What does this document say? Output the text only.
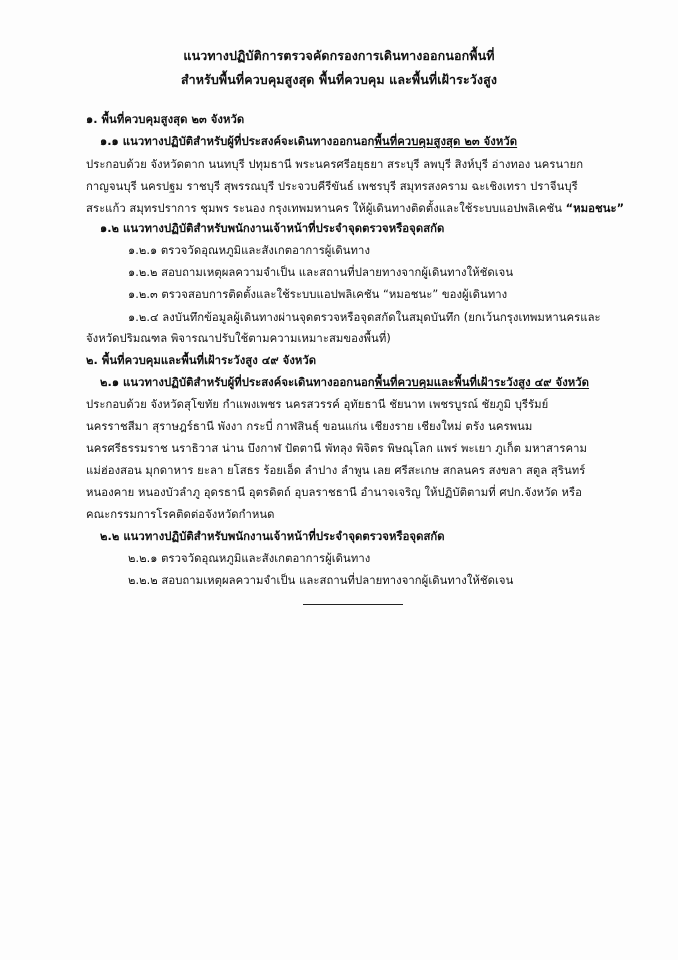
แนวทางปฏิบัติการตรวจคัดกรองการเดินทางออกนอกพื้นที่
สำหรับพื้นที่ควบคุมสูงสุด พื้นที่ควบคุม และพื้นที่เฝ้าระวังสูง
๑. พื้นที่ควบคุมสูงสุด ๒๓ จังหวัด
๑.๑ แนวทางปฏิบัติสำหรับผู้ที่ประสงค์จะเดินทางออกนอกพื้นที่ควบคุมสูงสุด ๒๓ จังหวัด
ประกอบด้วย จังหวัดตาก นนทบุรี ปทุมธานี พระนครศรีอยุธยา สระบุรี ลพบุรี สิงห์บุรี อ่างทอง นครนายก
กาญจนบุรี นครปฐม ราชบุรี สุพรรณบุรี ประจวบคีรีขันธ์ เพชรบุรี สมุทรสงคราม ฉะเชิงเทรา ปราจีนบุรี
สระแก้ว สมุทรปราการ ชุมพร ระนอง กรุงเทพมหานคร ให้ผู้เดินทางติดตั้งและใช้ระบบแอปพลิเคชัน “หมอชนะ”
๑.๒ แนวทางปฏิบัติสำหรับพนักงานเจ้าหน้าที่ประจำจุดตรวจหรือจุดสกัด
๑.๒.๑ ตรวจวัดอุณหภูมิและสังเกตอาการผู้เดินทาง
๑.๒.๒ สอบถามเหตุผลความจำเป็น และสถานที่ปลายทางจากผู้เดินทางให้ชัดเจน
๑.๒.๓ ตรวจสอบการติดตั้งและใช้ระบบแอปพลิเคชัน “หมอชนะ” ของผู้เดินทาง
๑.๒.๔ ลงบันทึกข้อมูลผู้เดินทางผ่านจุดตรวจหรือจุดสกัดในสมุดบันทึก (ยกเว้นกรุงเทพมหานครและ
จังหวัดปริมณฑล พิจารณาปรับใช้ตามความเหมาะสมของพื้นที่)
๒. พื้นที่ควบคุมและพื้นที่เฝ้าระวังสูง ๔๙ จังหวัด
๒.๑ แนวทางปฏิบัติสำหรับผู้ที่ประสงค์จะเดินทางออกนอกพื้นที่ควบคุมและพื้นที่เฝ้าระวังสูง ๔๙ จังหวัด
ประกอบด้วย จังหวัดสุโขทัย กำแพงเพชร นครสวรรค์ อุทัยธานี ชัยนาท เพชรบูรณ์ ชัยภูมิ บุรีรัมย์
นครราชสีมา สุราษฎร์ธานี พังงา กระบี่ กาฬสินธุ์ ขอนแก่น เชียงราย เชียงใหม่ ตรัง นครพนม
นครศรีธรรมราช นราธิวาส น่าน บึงกาฬ ปัตตานี พัทลุง พิจิตร พิษณุโลก แพร่ พะเยา ภูเก็ต มหาสารคาม
แม่ฮ่องสอน มุกดาหาร ยะลา ยโสธร ร้อยเอ็ด ลำปาง ลำพูน เลย ศรีสะเกษ สกลนคร สงขลา สตูล สุรินทร์
หนองคาย หนองบัวลำภู อุดรธานี อุตรดิตถ์ อุบลราชธานี อำนาจเจริญ ให้ปฏิบัติตามที่ ศปก.จังหวัด หรือ
คณะกรรมการโรคติดต่อจังหวัดกำหนด
๒.๒ แนวทางปฏิบัติสำหรับพนักงานเจ้าหน้าที่ประจำจุดตรวจหรือจุดสกัด
๒.๒.๑ ตรวจวัดอุณหภูมิและสังเกตอาการผู้เดินทาง
๒.๒.๒ สอบถามเหตุผลความจำเป็น และสถานที่ปลายทางจากผู้เดินทางให้ชัดเจน
